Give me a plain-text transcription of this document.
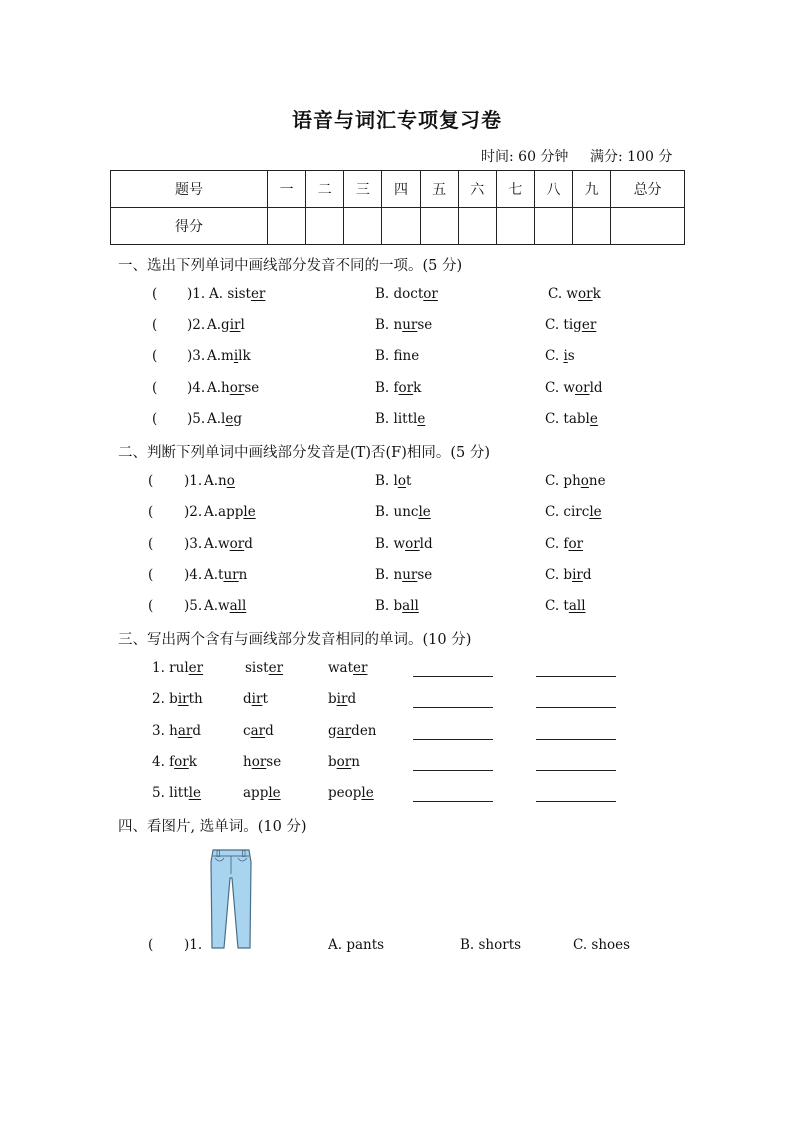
语音与词汇专项复习卷
时间: 60 分钟 满分: 100 分
题号	一	二	三	四	五	六	七	八	九	总分
得分										
一、选出下列单词中画线部分发音不同的一项。(5 分)
( )1. A. sister	B. doctor	C. work
( )2. A.girl	B. nurse	C. tiger
( )3. A.milk	B. fne	C. is
( )4. A.horse	B. fork	C. world
( )5. A.leg	B. little	C. table
二、判断下列单词中画线部分发音是(T)否(F)相同。(5 分)
( )1. A.no	B. lot	C. phone
( )2. A.apple	B. uncle	C. circle
( )3. A.word	B. world	C. for
( )4. A.turn	B. nurse	C. bird
( )5. A.wall	B. ball	C. tall
三、写出两个含有与画线部分发音相同的单词。(10 分)
1. ruler	sister	water
2. birth	dirt	bird
3. hard	card	garden
4. fork	horse	born
5. little	apple	people
四、看图片, 选单词。(10 分)
( )1.	A. pants	B. shorts	C. shoes
